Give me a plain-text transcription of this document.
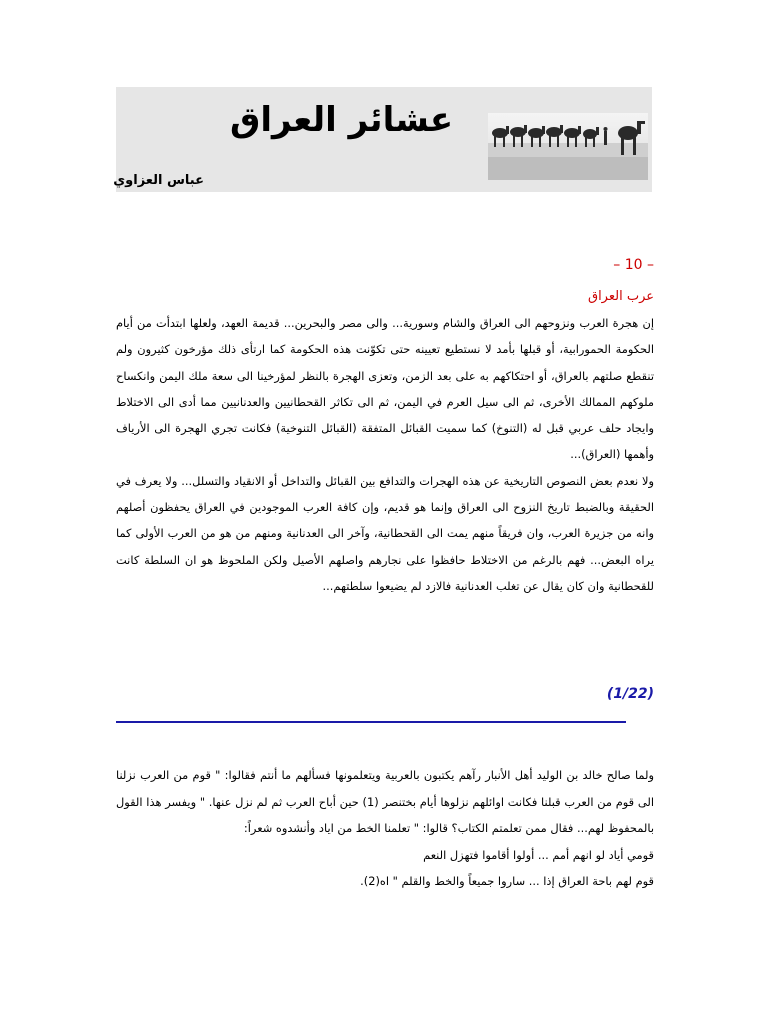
عشائر العراق
عباس العزاوي
– 10 –
عرب العراق

إن هجرة العرب ونزوحهم الى العراق والشام وسورية... والى مصر والبحرين... قديمة العهد، ولعلها ابتدأت من أيام الحكومة الحمورابية، أو قبلها بأمد لا نستطيع تعيينه حتى تكوّنت هذه الحكومة كما ارتأى ذلك مؤرخون كثيرون ولم تنقطع صلتهم بالعراق، أو احتكاكهم به على بعد الزمن، وتعزى الهجرة بالنظر لمؤرخينا الى سعة ملك اليمن وانكساح ملوكهم الممالك الأخرى، ثم الى سيل العرم في اليمن، ثم الى تكاثر القحطانيين والعدنانيين مما أدى الى الاختلاط وايجاد حلف عربي قبل له (التنوخ) كما سميت القبائل المتفقة (القبائل التنوخية) فكانت تجري الهجرة الى الأرياف وأهمها (العراق)...

ولا نعدم بعض النصوص التاريخية عن هذه الهجرات والتدافع بين القبائل والتداخل أو الانقياد والتسلل... ولا يعرف في الحقيقة وبالضبط تاريخ النزوح الى العراق وإنما هو قديم، وإن كافة العرب الموجودين في العراق يحفظون أصلهم وانه من جزيرة العرب، وان فريقاً منهم يمت الى القحطانية، وآخر الى العدنانية ومنهم من هو من العرب الأولى كما يراه البعض... فهم بالرغم من الاختلاط حافظوا على نجارهم واصلهم الأصيل ولكن الملحوظ هو ان السلطة كانت للقحطانية وان كان يقال عن تغلب العدنانية فالازد لم يضيعوا سلطتهم...

(1/22)

ولما صالح خالد بن الوليد أهل الأنبار رآهم يكتبون بالعربية ويتعلمونها فسألهم ما أنتم فقالوا: " قوم من العرب نزلنا الى قوم من العرب قبلنا فكانت اوائلهم نزلوها أيام بختنصر (1) حين أباح العرب ثم لم نزل عنها. " ويفسر هذا القول بالمحفوظ لهم... فقال ممن تعلمتم الكتاب؟ قالوا: " تعلمنا الخط من اياد وأنشدوه شعراً:

قومي أياد لو انهم أمم ... أولوا أقاموا فتهزل النعم

قوم لهم باحة العراق إذا ... ساروا جميعاً والخط والقلم " اه(2).
